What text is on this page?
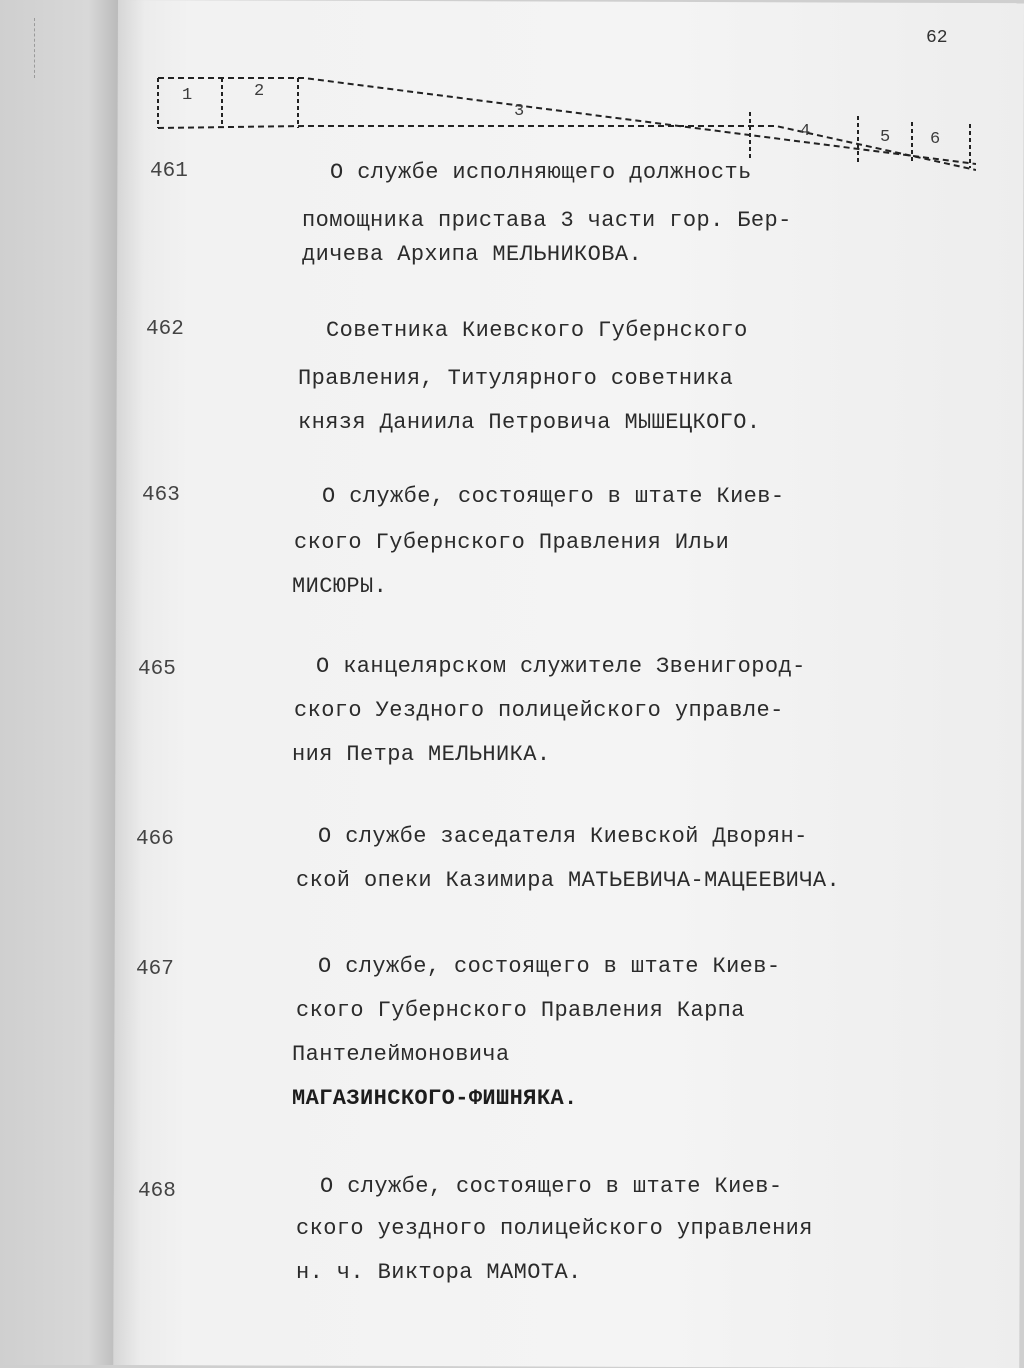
62
1	2
3
4	5 6
461	О службе исполняющего должность
помощника пристава 3 части гор. Бер-
дичева Архипа МЕЛЬНИКОВА.
462	Советника Киевского Губернского
Правления, Титулярного советника
князя Даниила Петровича МЫШЕЦКОГО.
463	О службе, состоящего в штате Киев-
ского Губернского Правления Ильи
МИСЮРЫ.
465	О канцелярском служителе Звенигород-
ского Уездного полицейского управле-
ния Петра МЕЛЬНИКА.
466	О службе заседателя Киевской Дворян-
ской опеки Казимира МАТЬЕВИЧА-МАЦЕЕВИЧА.
467	О службе, состоящего в штате Киев-
ского Губернского Правления Карпа
Пантелеймоновича
МАГАЗИНСКОГО-ФИШНЯКА.
468	О службе, состоящего в штате Киев-
ского уездного полицейского управления
н. ч. Виктора МАМОТА.
